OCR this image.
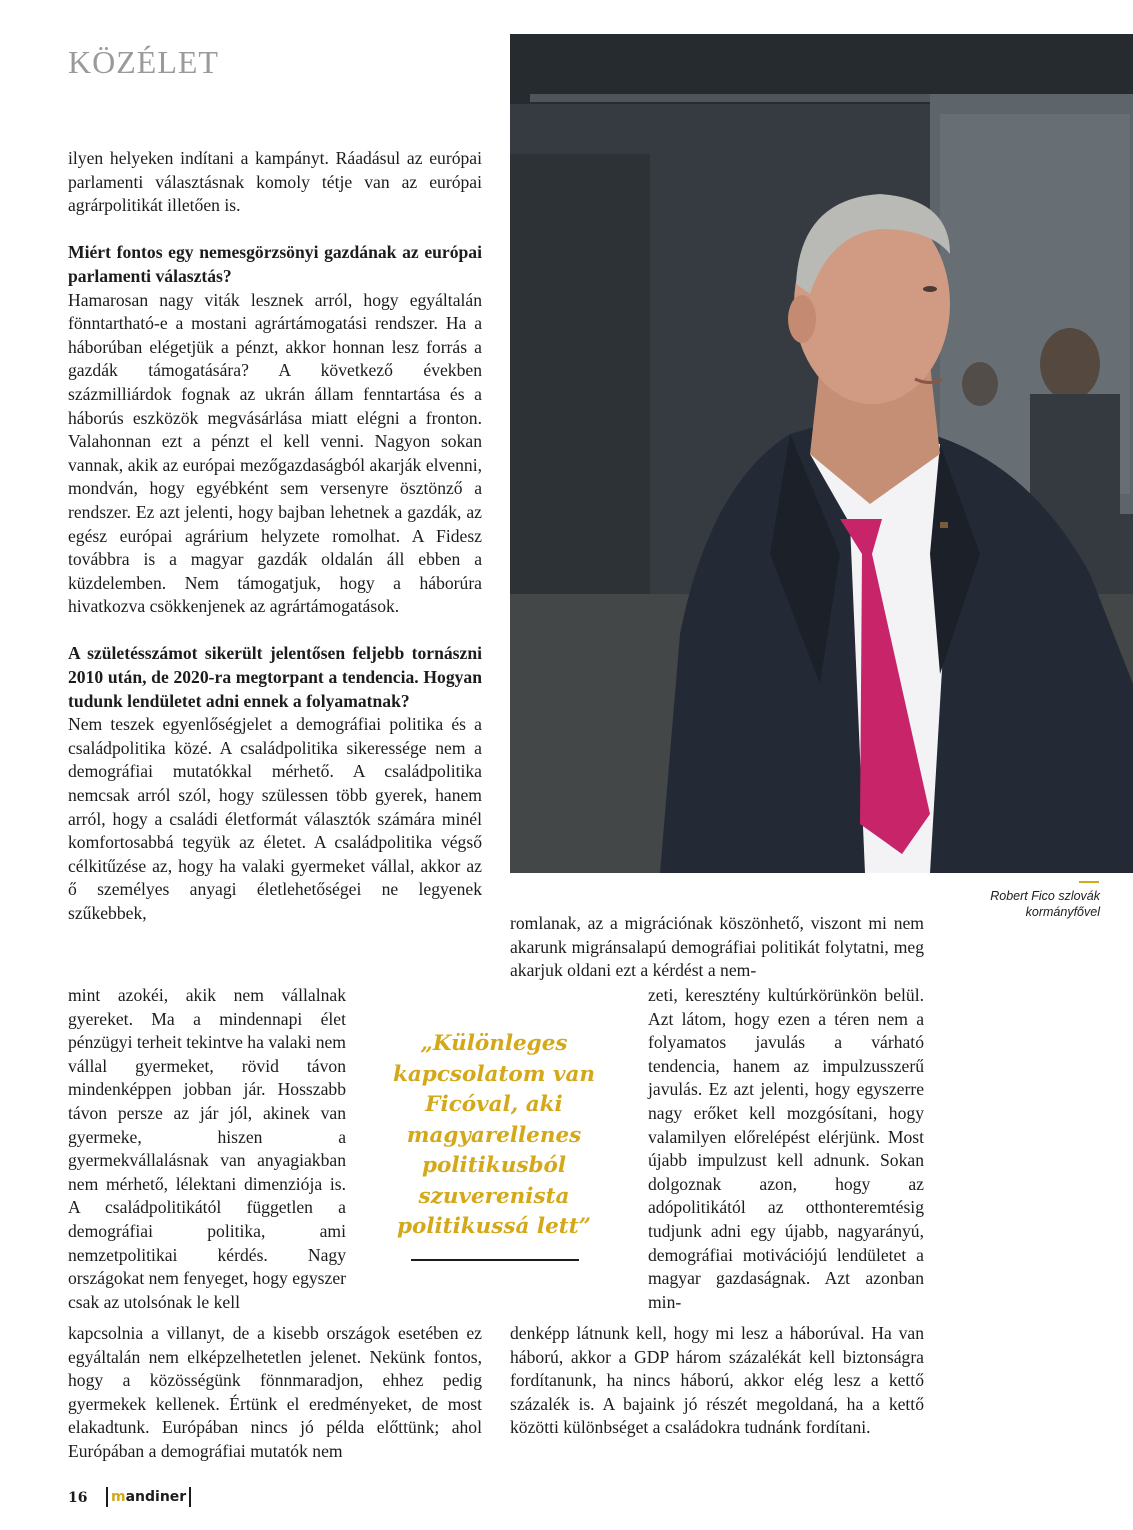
KÖZÉLET

ilyen helyeken indítani a kampányt. Ráadásul az európai parlamenti választásnak komoly tétje van az európai agrárpolitikát illetően is.

Miért fontos egy nemesgörzsönyi gazdának az európai parlamenti választás?

Hamarosan nagy viták lesznek arról, hogy egyáltalán fönntartható-e a mostani agrártámogatási rendszer. Ha a háborúban elégetjük a pénzt, akkor honnan lesz forrás a gazdák támogatására? A következő években százmilliárdok fognak az ukrán állam fenntartása és a háborús eszközök megvásárlása miatt elégni a fronton. Valahonnan ezt a pénzt el kell venni. Nagyon sokan vannak, akik az európai mezőgazdaságból akarják elvenni, mondván, hogy egyébként sem versenyre ösztönző a rendszer. Ez azt jelenti, hogy bajban lehetnek a gazdák, az egész európai agrárium helyzete romolhat. A Fidesz továbbra is a magyar gazdák oldalán áll ebben a küzdelemben. Nem támogatjuk, hogy a háborúra hivatkozva csökkenjenek az agrártámogatások.

A születésszámot sikerült jelentősen feljebb tornászni 2010 után, de 2020-ra megtorpant a tendencia. Hogyan tudunk lendületet adni ennek a folyamatnak?

Nem teszek egyenlőségjelet a demográfiai politika és a családpolitika közé. A családpolitika sikeressége nem a demográfiai mutatókkal mérhető. A családpolitika nemcsak arról szól, hogy szülessen több gyerek, hanem arról, hogy a családi életformát választók számára minél komfortosabbá tegyük az életet. A családpolitika végső célkitűzése az, hogy ha valaki gyermeket vállal, akkor az ő személyes anyagi életlehetőségei ne legyenek szűkebbek,

mint azokéi, akik nem vállalnak gyereket. Ma a mindennapi élet pénzügyi terheit tekintve ha valaki nem vállal gyermeket, rövid távon mindenképpen jobban jár. Hosszabb távon persze az jár jól, akinek van gyermeke, hiszen a gyermekvállalásnak van anyagiakban nem mérhető, lélektani dimenziója is. A családpolitikától független a demográfiai politika, ami nemzetpolitikai kérdés. Nagy országokat nem fenyeget, hogy egyszer csak az utolsónak le kell

kapcsolnia a villanyt, de a kisebb országok esetében ez egyáltalán nem elképzelhetetlen jelenet. Nekünk fontos, hogy a közösségünk fönnmaradjon, ehhez pedig gyermekek kellenek. Értünk el eredményeket, de most elakadtunk. Európában nincs jó példa előttünk; ahol Európában a demográfiai mutatók nem

romlanak, az a migrációnak köszönhető, viszont mi nem akarunk migránsalapú demográfiai politikát folytatni, meg akarjuk oldani ezt a kérdést a nem-

zeti, keresztény kultúrkörünkön belül. Azt látom, hogy ezen a téren nem a folyamatos javulás a várható tendencia, hanem az impulzusszerű javulás. Ez azt jelenti, hogy egyszerre nagy erőket kell mozgósítani, hogy valamilyen előrelépést elérjünk. Most újabb impulzust kell adnunk. Sokan dolgoznak azon, hogy az adópolitikától az otthonteremtésig tudjunk adni egy újabb, nagyarányú, demográfiai motivációjú lendületet a magyar gazdaságnak. Azt azonban min-

denképp látnunk kell, hogy mi lesz a háborúval. Ha van háború, akkor a GDP három százalékát kell biztonságra fordítanunk, ha nincs háború, akkor elég lesz a kettő százalék is. A bajaink jó részét megoldaná, ha a kettő közötti különbséget a családokra tudnánk fordítani.

Robert Fico szlovák kormányfővel
„Különleges kapcsolatom van Ficóval, aki magyarellenes politikusból szuverenista politikussá lett”
16 m andiner
